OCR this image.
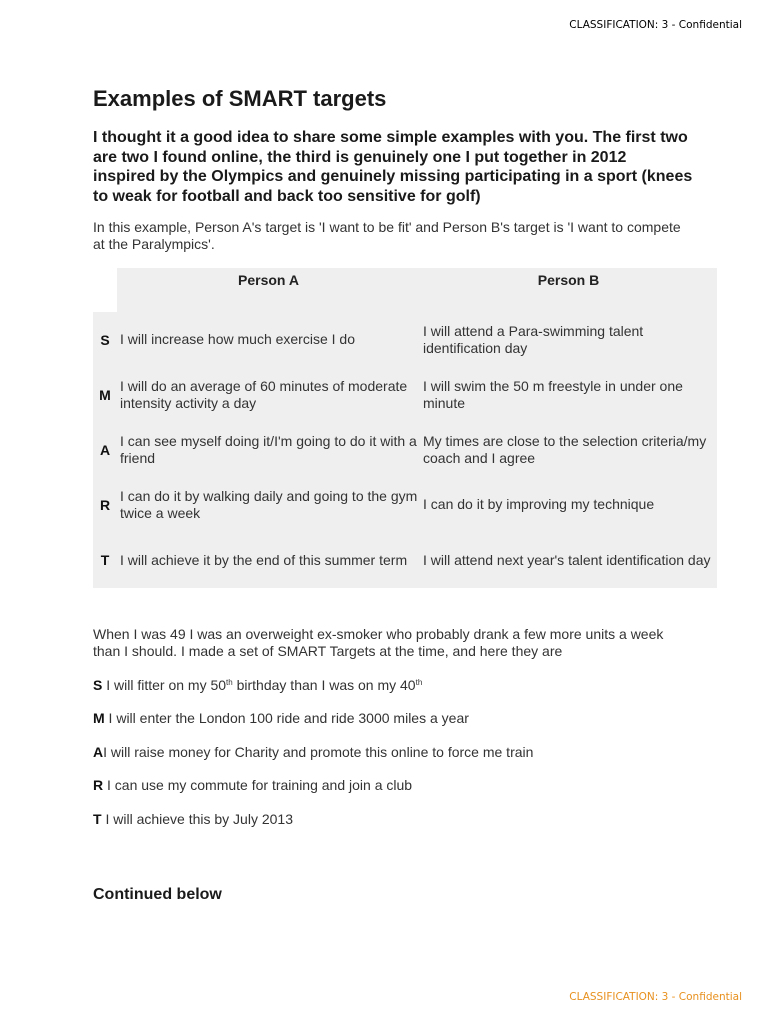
CLASSIFICATION: 3 - Confidential
Examples of SMART targets

I thought it a good idea to share some simple examples with you. The first two are two I found online, the third is genuinely one I put together in 2012 inspired by the Olympics and genuinely missing participating in a sport (knees to weak for football and back too sensitive for golf)

In this example, Person A's target is 'I want to be fit' and Person B's target is 'I want to compete at the Paralympics'.

	Person A	Person B
S	I will increase how much exercise I do	I will attend a Para-swimming talent identification day
M	I will do an average of 60 minutes of moderate intensity activity a day	I will swim the 50 m freestyle in under one minute
A	I can see myself doing it/I'm going to do it with a friend	My times are close to the selection criteria/my coach and I agree
R	I can do it by walking daily and going to the gym twice a week	I can do it by improving my technique
T	I will achieve it by the end of this summer term	I will attend next year's talent identification day

When I was 49 I was an overweight ex-smoker who probably drank a few more units a week than I should. I made a set of SMART Targets at the time, and here they are

S I will fitter on my 50th birthday than I was on my 40th
M I will enter the London 100 ride and ride 3000 miles a year
A I will raise money for Charity and promote this online to force me train
R I can use my commute for training and join a club
T I will achieve this by July 2013

Continued below

CLASSIFICATION: 3 - Confidential
